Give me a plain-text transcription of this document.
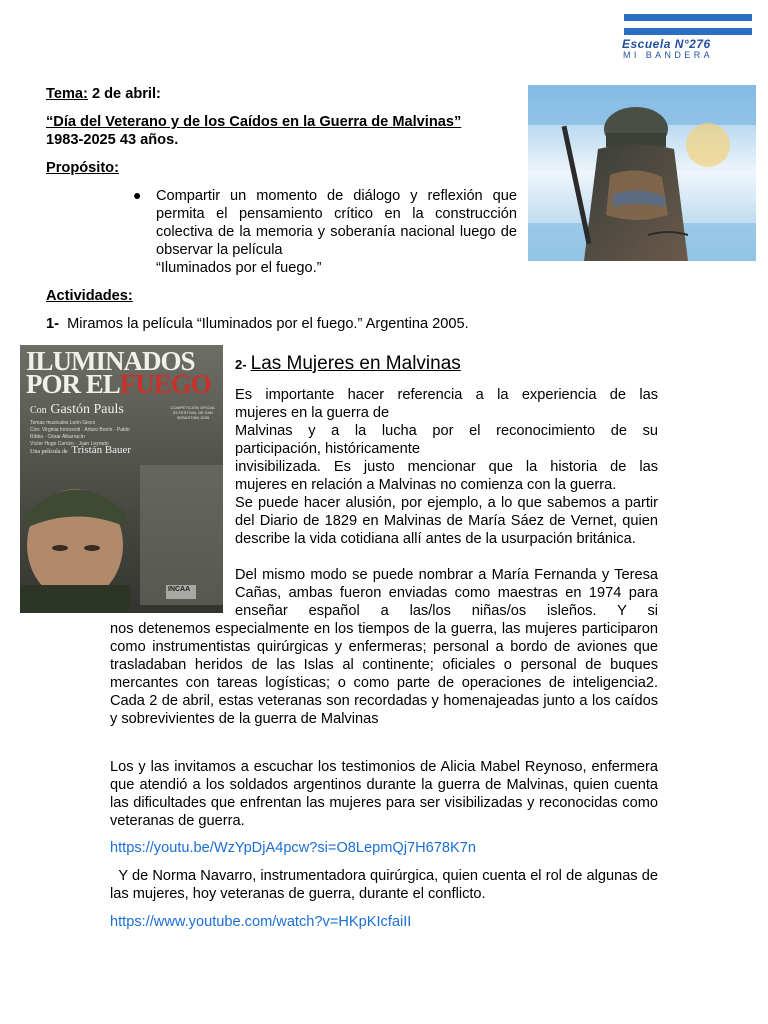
Escuela N°276
MI BANDERA
Tema: 2 de abril:
“Día del Veterano y de los Caídos en la Guerra de Malvinas”
1983-2025 43 años.
Propósito:
● Compartir un momento de diálogo y reflexión que permita el pensamiento crítico en la construcción colectiva de la memoria y soberanía nacional luego de observar la película
“Iluminados por el fuego.”
Actividades:
1- Miramos la película “Iluminados por el fuego.” Argentina 2005.
ILUMINADOS
POR ELFUEGO
Con Gastón Pauls
Temas musicales León Gieco
Con: Virginia Innocenti · Arturo Bonín · Pablo Ribba · César Albarracín
Víctor Hugo Carrizo · Juan Leyrado
Una película de Tristán Bauer
COMPETICIÓN OFICIAL 53 FESTIVAL DE SAN SEBASTIÁN 2005
INCAA
2- Las Mujeres en Malvinas
Es importante hacer referencia a la experiencia de las
mujeres en la guerra de
Malvinas y a la lucha por el reconocimiento de su
participación, históricamente
invisibilizada. Es justo mencionar que la historia de las
mujeres en relación a Malvinas no comienza con la guerra.
Se puede hacer alusión, por ejemplo, a lo que sabemos a partir del Diario de 1829 en Malvinas de María Sáez de Vernet, quien describe la vida cotidiana allí antes de la usurpación británica.
Del mismo modo se puede nombrar a María Fernanda y Teresa Cañas, ambas fueron enviadas como maestras en 1974 para enseñar español a las/los niñas/os isleños. Y si
nos detenemos especialmente en los tiempos de la guerra, las mujeres participaron como instrumentistas quirúrgicas y enfermeras; personal a bordo de aviones que trasladaban heridos de las Islas al continente; oficiales o personal de buques mercantes con tareas logísticas; o como parte de operaciones de inteligencia2. Cada 2 de abril, estas veteranas son recordadas y homenajeadas junto a los caídos y sobrevivientes de la guerra de Malvinas
Los y las invitamos a escuchar los testimonios de Alicia Mabel Reynoso, enfermera que atendió a los soldados argentinos durante la guerra de Malvinas, quien cuenta las dificultades que enfrentan las mujeres para ser visibilizadas y reconocidas como veteranas de guerra.
https://youtu.be/WzYpDjA4pcw?si=O8LepmQj7H678K7n
Y de Norma Navarro, instrumentadora quirúrgica, quien cuenta el rol de algunas de las mujeres, hoy veteranas de guerra, durante el conflicto.
https://www.youtube.com/watch?v=HKpKIcfaiII
